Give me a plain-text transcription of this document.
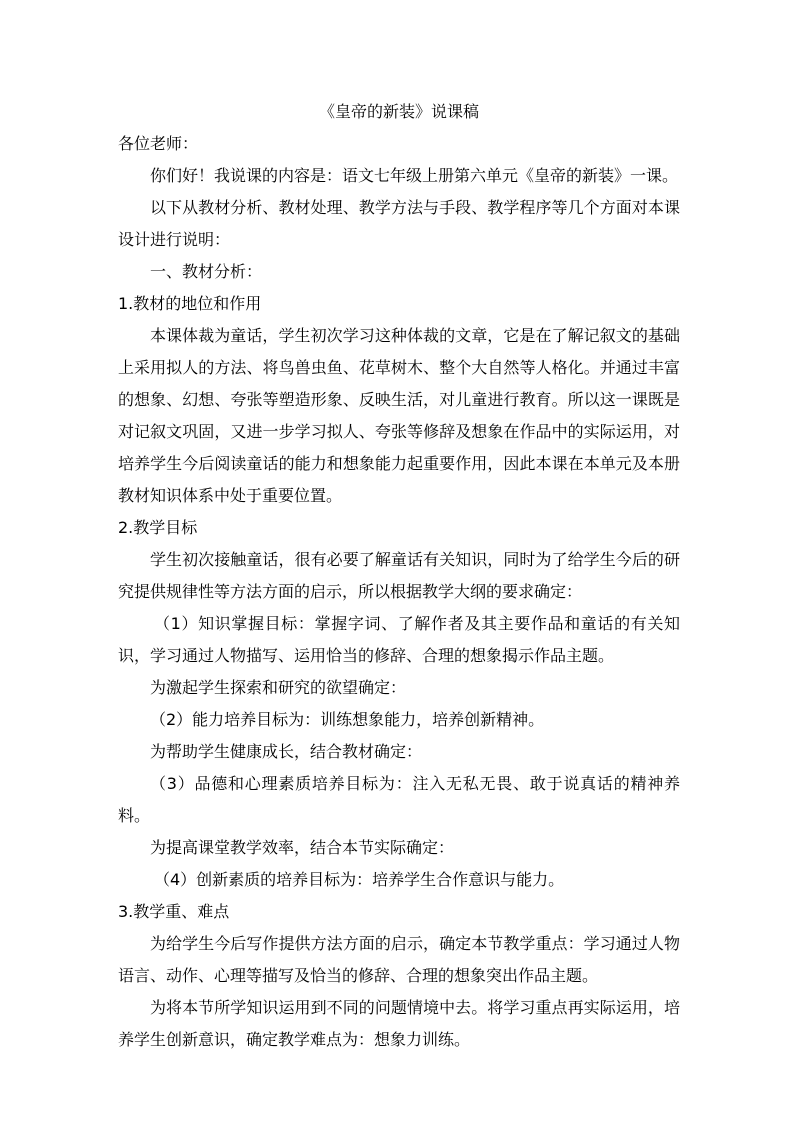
《皇帝的新装》说课稿

各位老师：

你们好！我说课的内容是：语文七年级上册第六单元《皇帝的新装》一课。

以下从教材分析、教材处理、教学方法与手段、教学程序等几个方面对本课设计进行说明：

一、教材分析：

1.教材的地位和作用

本课体裁为童话，学生初次学习这种体裁的文章，它是在了解记叙文的基础上采用拟人的方法、将鸟兽虫鱼、花草树木、整个大自然等人格化。并通过丰富的想象、幻想、夸张等塑造形象、反映生活，对儿童进行教育。所以这一课既是对记叙文巩固，又进一步学习拟人、夸张等修辞及想象在作品中的实际运用，对培养学生今后阅读童话的能力和想象能力起重要作用，因此本课在本单元及本册教材知识体系中处于重要位置。

2.教学目标

学生初次接触童话，很有必要了解童话有关知识，同时为了给学生今后的研究提供规律性等方法方面的启示，所以根据教学大纲的要求确定：

（1）知识掌握目标：掌握字词、了解作者及其主要作品和童话的有关知识，学习通过人物描写、运用恰当的修辞、合理的想象揭示作品主题。

为激起学生探索和研究的欲望确定：

（2）能力培养目标为：训练想象能力，培养创新精神。

为帮助学生健康成长，结合教材确定：

（3）品德和心理素质培养目标为：注入无私无畏、敢于说真话的精神养料。

为提高课堂教学效率，结合本节实际确定：

（4）创新素质的培养目标为：培养学生合作意识与能力。

3.教学重、难点

为给学生今后写作提供方法方面的启示，确定本节教学重点：学习通过人物语言、动作、心理等描写及恰当的修辞、合理的想象突出作品主题。

为将本节所学知识运用到不同的问题情境中去。将学习重点再实际运用，培养学生创新意识，确定教学难点为：想象力训练。
